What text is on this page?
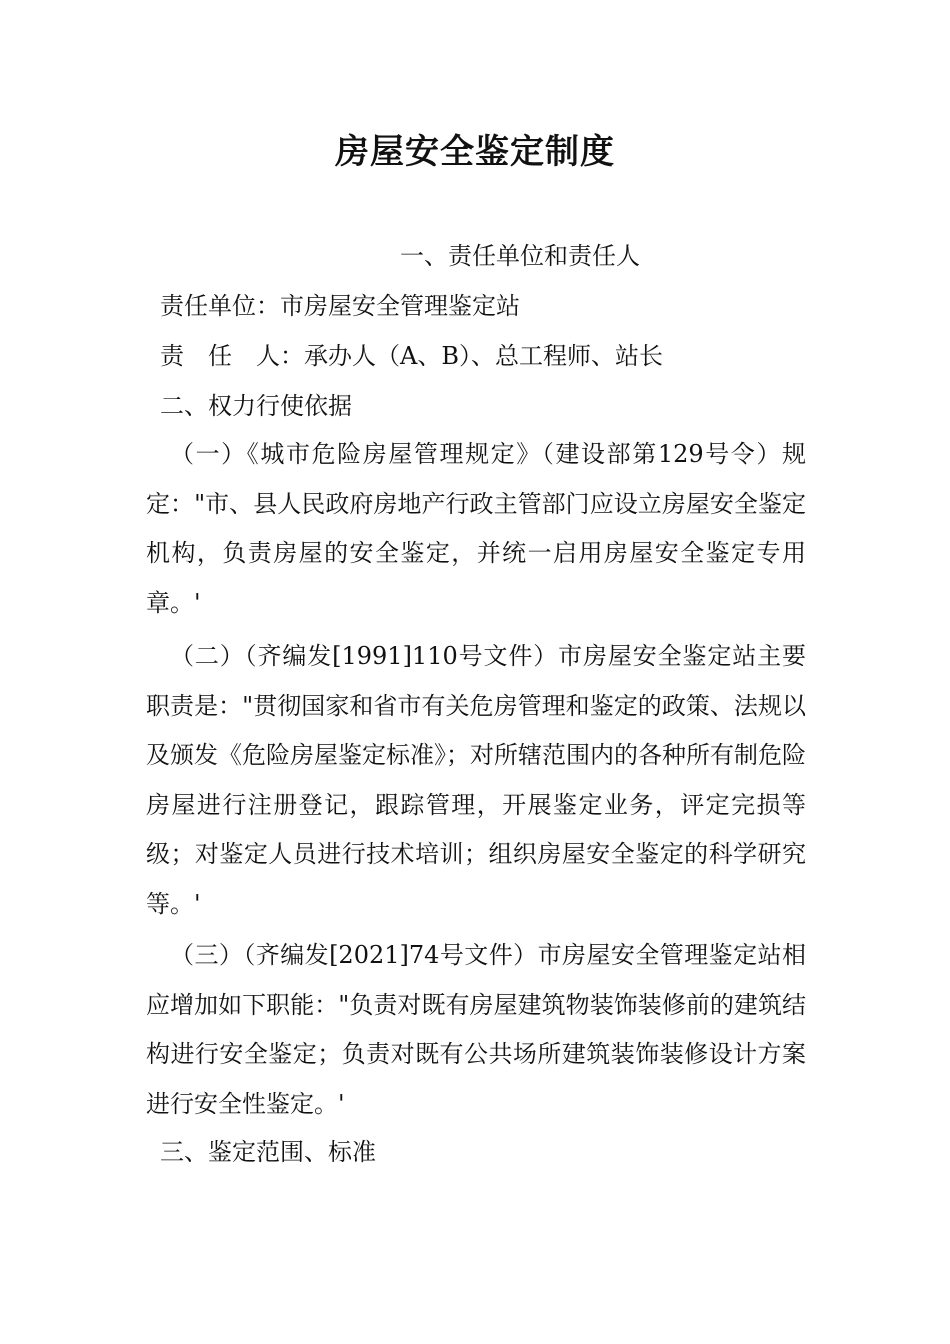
房屋安全鉴定制度

一、责任单位和责任人

责任单位：市房屋安全管理鉴定站

责　任　人：承办人（A、B）、总工程师、站长

二、权力行使依据

（一）《城市危险房屋管理规定》（建设部第129号令）规定："市、县人民政府房地产行政主管部门应设立房屋安全鉴定机构，负责房屋的安全鉴定，并统一启用房屋安全鉴定专用章。'

（二）（齐编发[1991]110号文件）市房屋安全鉴定站主要职责是："贯彻国家和省市有关危房管理和鉴定的政策、法规以及颁发《危险房屋鉴定标准》；对所辖范围内的各种所有制危险房屋进行注册登记，跟踪管理，开展鉴定业务，评定完损等级；对鉴定人员进行技术培训；组织房屋安全鉴定的科学研究等。'

（三）（齐编发[2021]74号文件）市房屋安全管理鉴定站相应增加如下职能："负责对既有房屋建筑物装饰装修前的建筑结构进行安全鉴定；负责对既有公共场所建筑装饰装修设计方案进行安全性鉴定。'

三、鉴定范围、标准
